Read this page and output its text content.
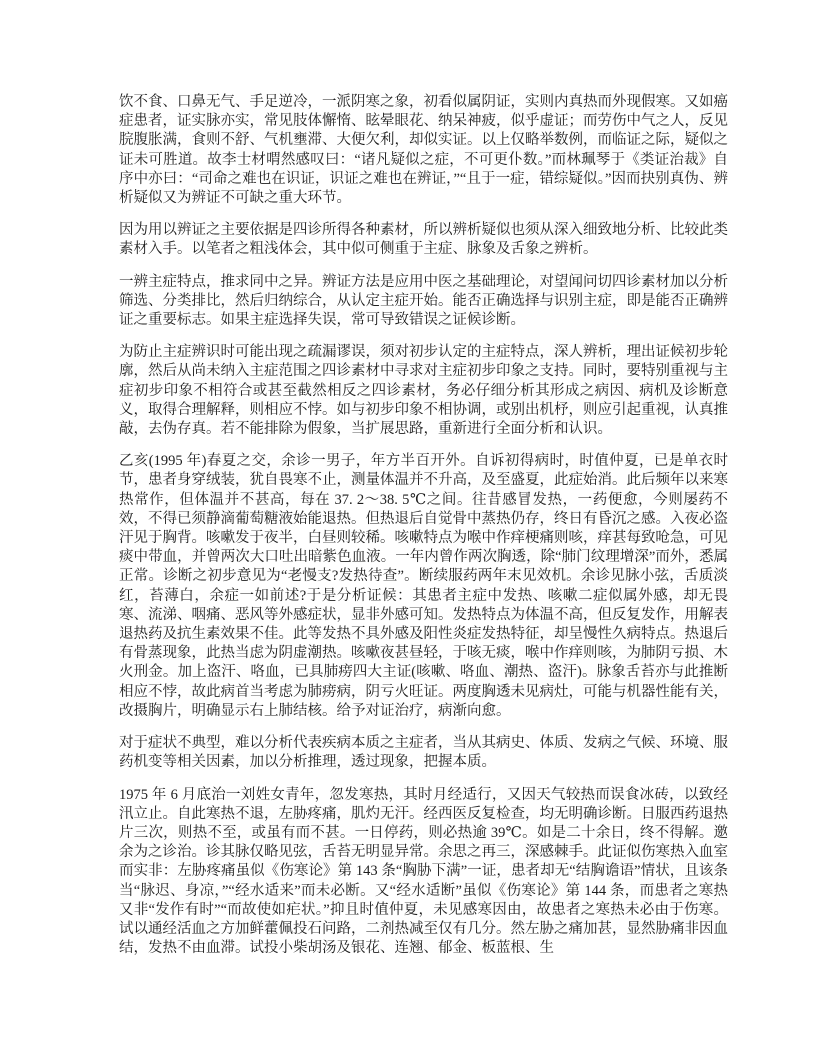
饮不食、口鼻无气、手足逆冷，一派阴寒之象，初看似属阴证，实则内真热而外现假寒。又如癌症患者，证实脉亦实，常见肢体懈惰、眩晕眼花、纳呆神疲，似乎虚证；而劳伤中气之人，反见脘腹胀满，食则不舒、气机壅滞、大便欠利，却似实证。以上仅略举数例，而临证之际，疑似之证未可胜道。故李士材喟然感叹曰：“诸凡疑似之症，不可更仆数。”而林珮琴于《类证治裁》自序中亦曰：“司命之难也在识证，识证之难也在辨证，”“且于一症，错综疑似。”因而抉别真伪、辨析疑似又为辨证不可缺之重大环节。

因为用以辨证之主要依据是四诊所得各种素材，所以辨析疑似也须从深入细致地分析、比较此类素材入手。以笔者之粗浅体会，其中似可侧重于主症、脉象及舌象之辨析。

一辨主症特点，推求同中之异。辨证方法是应用中医之基础理论，对望闻问切四诊素材加以分析筛选、分类排比，然后归纳综合，从认定主症开始。能否正确选择与识别主症，即是能否正确辨证之重要标志。如果主症选择失误，常可导致错误之证候诊断。

为防止主症辨识时可能出现之疏漏谬误，须对初步认定的主症特点，深人辨析，理出证候初步轮廓，然后从尚未纳入主症范围之四诊素材中寻求对主症初步印象之支持。同时，要特别重视与主症初步印象不相符合或甚至截然相反之四诊素材，务必仔细分析其形成之病因、病机及诊断意义，取得合理解释，则相应不悖。如与初步印象不相协调，或别出机杼，则应引起重视，认真推敲，去伪存真。若不能排除为假象，当扩展思路，重新进行全面分析和认识。

乙亥(1995 年)春夏之交，余诊一男子，年方半百开外。自诉初得病时，时值仲夏，已是单衣时节，患者身穿绒装，犹自畏寒不止，测量体温并不升高，及至盛夏，此症始消。此后频年以来寒热常作，但体温并不甚高，每在 37. 2～38. 5℃之间。往昔感冒发热，一药便愈，今则屡药不效，不得已须静滴葡萄糖液始能退热。但热退后自觉骨中蒸热仍存，终日有昏沉之感。入夜必盗汗见于胸背。咳嗽发于夜半，白昼则较稀。咳嗽特点为喉中作痒梗痛则咳，痒甚每致呛急，可见痰中带血，并曾两次大口吐出暗紫色血液。一年内曾作两次胸透，除“肺门纹理增深”而外，悉属正常。诊断之初步意见为“老慢支?发热待查”。断续服药两年末见效机。余诊见脉小弦，舌质淡红，苔薄白，余症一如前述?于是分析证候：其患者主症中发热、咳嗽二症似属外感，却无畏寒、流涕、咽痛、恶风等外感症状，显非外感可知。发热特点为体温不高，但反复发作，用解表退热药及抗生素效果不佳。此等发热不具外感及阳性炎症发热特征，却呈慢性久病特点。热退后有骨蒸现象，此热当虑为阴虚潮热。咳嗽夜甚昼轻，于咳无痰，喉中作痒则咳，为肺阴亏损、木火刑金。加上盗汗、咯血，已具肺痨四大主证(咳嗽、咯血、潮热、盗汗)。脉象舌苔亦与此推断相应不悖，故此病首当考虑为肺痨病，阴亏火旺证。两度胸透未见病灶，可能与机器性能有关，改摄胸片，明确显示右上肺结核。给予对证治疗，病渐向愈。

对于症状不典型，难以分析代表疾病本质之主症者，当从其病史、体质、发病之气候、环境、服药机变等相关因素，加以分析推理，透过现象，把握本质。

1975 年 6 月底治一刘姓女青年，忽发寒热，其时月经适行，又因天气较热而误食冰砖，以致经汛立止。自此寒热不退，左胁疼痛，肌灼无汗。经西医反复检查，均无明确诊断。日服西药退热片三次，则热不至，或虽有而不甚。一日停药，则必热逾 39℃。如是二十余日，终不得解。邀余为之诊治。诊其脉仅略见弦，舌苔无明显异常。余思之再三，深感棘手。此证似伤寒热入血室而实非：左胁疼痛虽似《伤寒论》第 143 条“胸胁下满”一证，患者却无“结胸谵语”情状，且该条当“脉迟、身凉，”“经水适来”而未必断。又“经水适断”虽似《伤寒论》第 144 条，而患者之寒热又非“发作有时”“而故使如疟状。”抑且时值仲夏，未见感寒因由，故患者之寒热未必由于伤寒。试以通经活血之方加鲜藿佩投石问路，二剂热减至仅有几分。然左胁之痛加甚，显然胁痛非因血结，发热不由血滞。试投小柴胡汤及银花、连翘、郁金、板蓝根、生
